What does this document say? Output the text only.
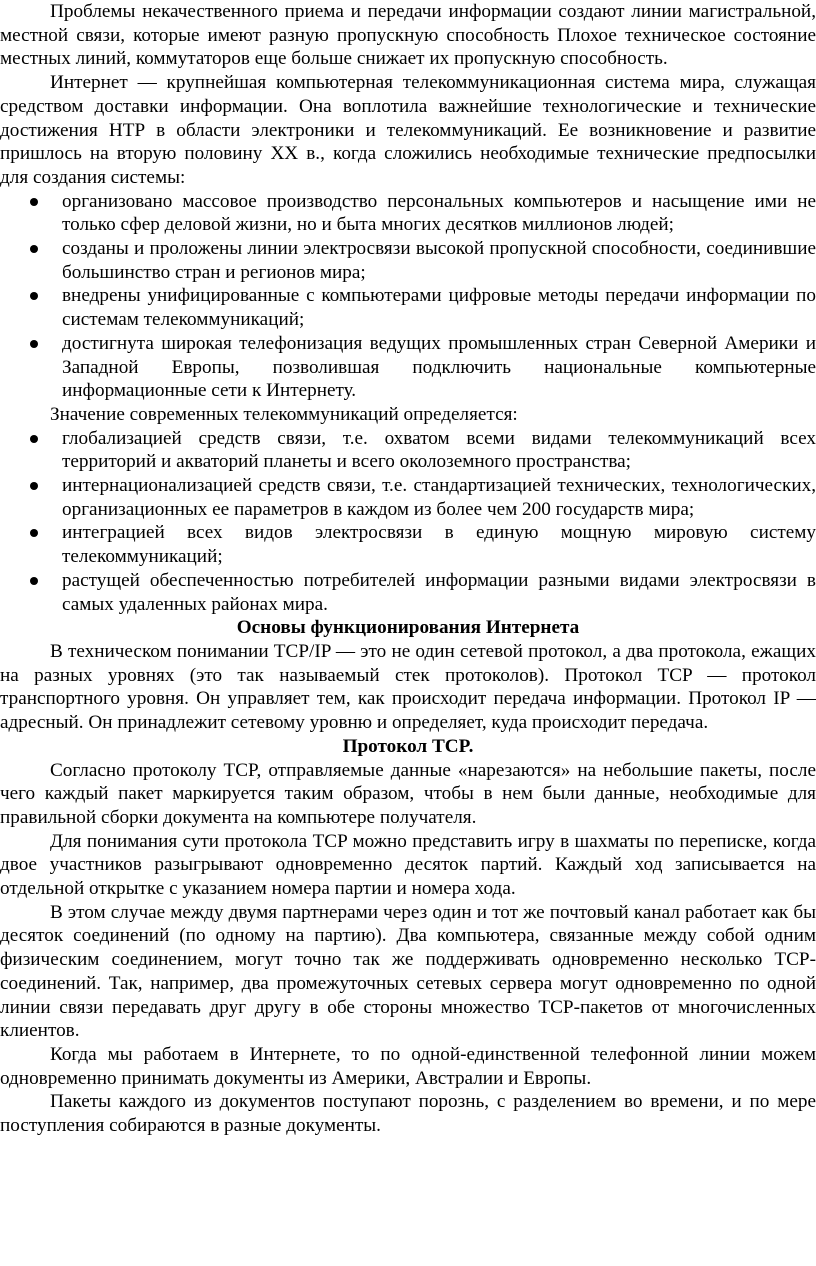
Проблемы некачественного приема и передачи информации создают линии магистральной, местной связи, которые имеют разную пропускную способность Плохое техническое состояние местных линий, коммутаторов еще больше снижает их пропускную способность.

Интернет — крупнейшая компьютерная телекоммуникационная система мира, служащая средством доставки информации. Она воплотила важнейшие технологические и технические достижения НТР в области электроники и телекоммуникаций. Ее возникновение и развитие пришлось на вторую половину XX в., когда сложились необходимые технические предпосылки для создания системы:

организовано массовое производство персональных компьютеров и насыщение ими не только сфер деловой жизни, но и быта многих десятков миллионов людей;
созданы и проложены линии электросвязи высокой пропускной способности, соединившие большинство стран и регионов мира;
внедрены унифицированные с компьютерами цифровые методы передачи информации по системам телекоммуникаций;
достигнута широкая телефонизация ведущих промышленных стран Северной Америки и Западной Европы, позволившая подключить национальные компьютерные информационные сети к Интернету.

Значение современных телекоммуникаций определяется:

глобализацией средств связи, т.е. охватом всеми видами телекоммуникаций всех территорий и акваторий планеты и всего околоземного пространства;
интернационализацией средств связи, т.е. стандартизацией технических, технологических, организационных ее параметров в каждом из более чем 200 государств мира;
интеграцией всех видов электросвязи в единую мощную мировую систему телекоммуникаций;
растущей обеспеченностью потребителей информации разными видами электросвязи в самых удаленных районах мира.

Основы функционирования Интернета

В техническом понимании TCP/IP — это не один сетевой протокол, а два протокола, ежащих на разных уровнях (это так называемый стек протоколов). Протокол TCP — протокол транспортного уровня. Он управляет тем, как происходит передача информации. Протокол IP — адресный. Он принадлежит сетевому уровню и определяет, куда происходит передача.

Протокол TCP.

Согласно протоколу TCP, отправляемые данные «нарезаются» на небольшие пакеты, после чего каждый пакет маркируется таким образом, чтобы в нем были данные, необходимые для правильной сборки документа на компьютере получателя.

Для понимания сути протокола TCP можно представить игру в шахматы по переписке, когда двое участников разыгрывают одновременно десяток партий. Каждый ход записывается на отдельной открытке с указанием номера партии и номера хода.

В этом случае между двумя партнерами через один и тот же почтовый канал работает как бы десяток соединений (по одному на партию). Два компьютера, связанные между собой одним физическим соединением, могут точно так же поддерживать одновременно несколько TCP-соединений. Так, например, два промежуточных сетевых сервера могут одновременно по одной линии связи передавать друг другу в обе стороны множество TCP-пакетов от многочисленных клиентов.

Когда мы работаем в Интернете, то по одной-единственной телефонной линии можем одновременно принимать документы из Америки, Австралии и Европы.

Пакеты каждого из документов поступают порознь, с разделением во времени, и по мере поступления собираются в разные документы.
